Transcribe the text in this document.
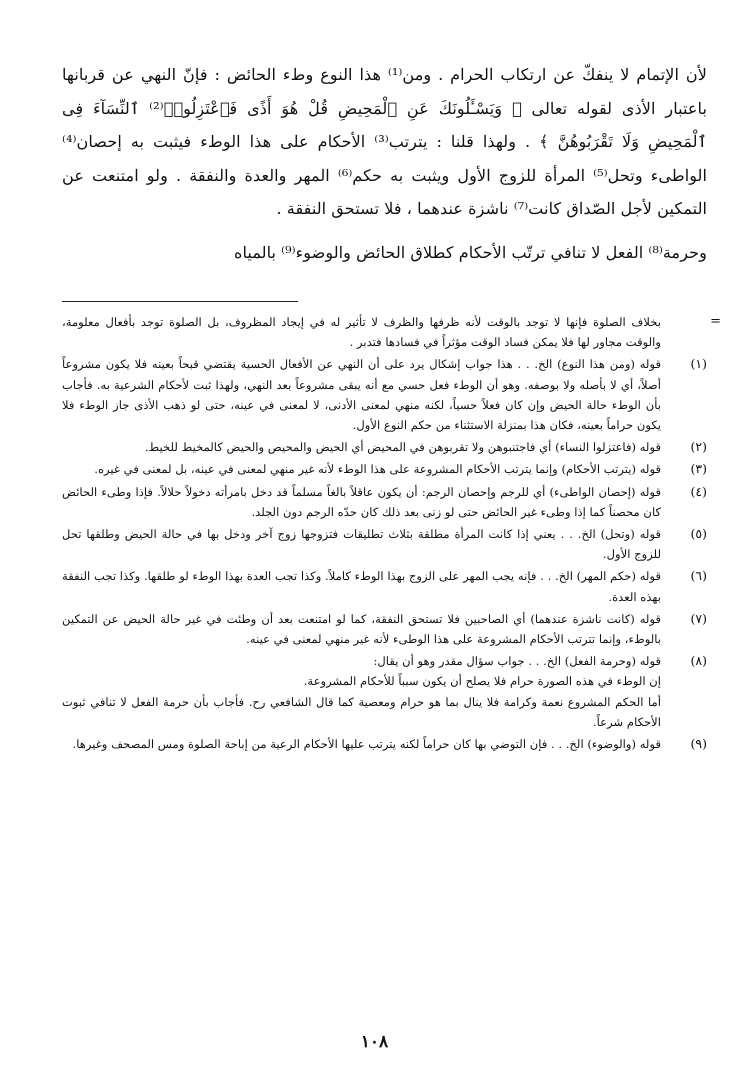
لأن الإتمام لا ينفكّ عن ارتكاب الحرام . ومن⁽¹⁾ هذا النوع وطء الحائض : فإنّ النهي عن قربانها باعتبار الأذى لقوله تعالى ﴿ وَيَسْـَٔلُونَكَ عَنِ ٱلْمَحِيضِ قُلْ هُوَ أَذًى فَٱعْتَزِلُوا۟⁽²⁾ ٱلنِّسَآءَ فِى ٱلْمَحِيضِ وَلَا تَقْرَبُوهُنَّ ﴾ . ولهذا قلنا : يترتب⁽³⁾ الأحكام على هذا الوطء فيثبت به إحصان⁽⁴⁾ الواطىء وتحل⁽⁵⁾ المرأة للزوج الأول ويثبت به حكم⁽⁶⁾ المهر والعدة والنفقة . ولو امتنعت عن التمكين لأجل الصّداق كانت⁽⁷⁾ ناشزة عندهما ، فلا تستحق النفقة .

وحرمة⁽⁸⁾ الفعل لا تنافي ترتّب الأحكام كطلاق الحائض والوضوء⁽⁹⁾ بالمياه

=
بخلاف الصلوة فإنها لا توجد بالوقت لأنه ظرفها والظرف لا تأثير له في إيجاد المظروف، بل الصلوة توجد بأفعال معلومة، والوقت مجاور لها فلا يمكن فساد الوقت مؤثراً في فسادها فتدبر .
(١)
قوله (ومن هذا النوع) الخ. . . هذا جواب إشكال يرد على أن النهي عن الأفعال الحسية يقتضي قبحاً بعينه فلا يكون مشروعاً أصلاً، أي لا بأصله ولا بوصفه. وهو أن الوطء فعل حسي مع أنه يبقى مشروعاً بعد النهي، ولهذا ثبت لأحكام الشرعية به. فأجاب بأن الوطء حالة الحيض وإن كان فعلاً حسياً، لكنه منهي لمعنى الأدنى، لا لمعنى في عينه، حتى لو ذهب الأذى جاز الوطء فلا يكون حراماً بعينه، فكان هذا بمنزلة الاستثناء من حكم النوع الأول.
(٢)
قوله (فاعتزلوا النساء) أي فاجتنبوهن ولا تقربوهن في المحيض أي الحيض والمحيص والحيض كالمخيط للخيط.
(٣)
قوله (يترتب الأحكام) وإنما يترتب الأحكام المشروعة على هذا الوطء لأنه غير منهي لمعنى في عينه، بل لمعنى في غيره.
(٤)
قوله (إحصان الواطىء) أي للرجم وإحصان الرجم: أن يكون عاقلاً بالغاً مسلماً قد دخل بامرأته دخولاً حلالاً. فإذا وطىء الحائض كان محصناً كما إذا وطىء غير الحائض حتى لو زنى بعد ذلك كان حدّه الرجم دون الجلد.
(٥)
قوله (وتحل) الخ. . . يعني إذا كانت المرأة مطلقة بثلاث تطليقات فتزوجها زوج آخر ودخل بها في حالة الحيض وطلقها تحل للزوج الأول.
(٦)
قوله (حكم المهر) الخ. . . فإنه يجب المهر على الزوج بهذا الوطء كاملاً. وكذا تجب العدة بهذا الوطء لو طلقها. وكذا تجب النفقة بهذه العدة.
(٧)
قوله (كانت ناشزة عندهما) أي الصاحبين فلا تستحق النفقة، كما لو امتنعت بعد أن وطئت في غير حالة الحيض عن التمكين بالوطء، وإنما تترتب الأحكام المشروعة على هذا الوطىء لأنه غير منهي لمعنى في عينه.
(٨)
قوله (وحرمة الفعل) الخ. . . جواب سؤال مقدر وهو أن يقال:
إن الوطء في هذه الصورة حرام فلا يصلح أن يكون سبباً للأحكام المشروعة.
أما الحكم المشروع نعمة وكرامة فلا ينال بما هو حرام ومعصية كما قال الشافعي رح. فأجاب بأن حرمة الفعل لا تنافي ثبوت الأحكام شرعاً.
(٩)
قوله (والوضوء) الخ. . . فإن التوضي بها كان حراماً لكنه يترتب عليها الأحكام الرعية من إباحة الصلوة ومس المصحف وغيرها.
١٠٨
